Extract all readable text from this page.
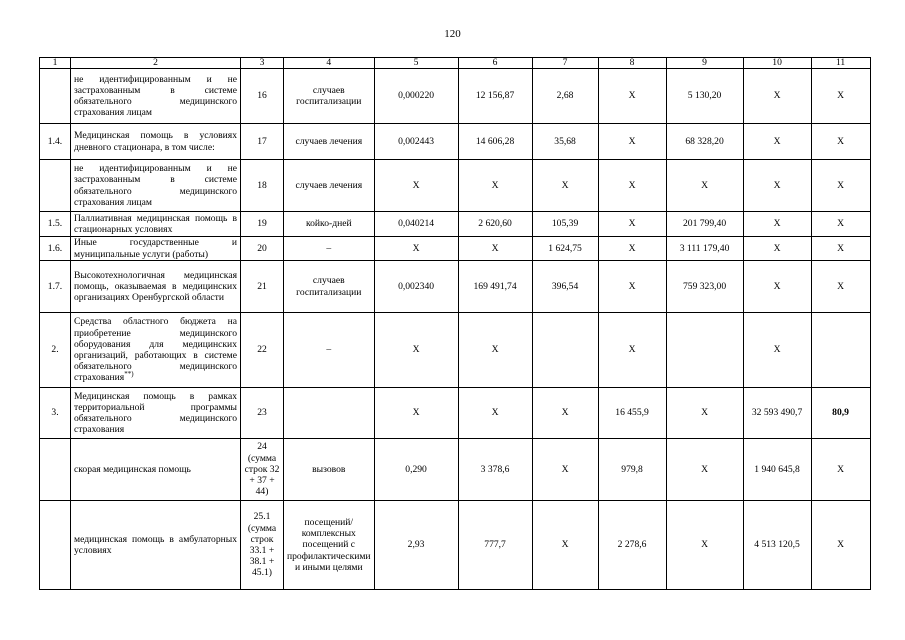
120
1	2	3	4	5	6	7	8	9	10	11
	не идентифицированным и не застрахованным в системе обязательного медицинского страхования лицам	16	случаев госпитализации	0,000220	12 156,87	2,68	X	5 130,20	X	X
1.4.	Медицинская помощь в условиях дневного стационара, в том числе:	17	случаев лечения	0,002443	14 606,28	35,68	X	68 328,20	X	X
	не идентифицированным и не застрахованным в системе обязательного медицинского страхования лицам	18	случаев лечения	X	X	X	X	X	X	X
1.5.	Паллиативная медицинская помощь в стационарных условиях	19	койко-дней	0,040214	2 620,60	105,39	X	201 799,40	X	X
1.6.	Иные государственные и муниципальные услуги (работы)	20	–	X	X	1 624,75	X	3 111 179,40	X	X
1.7.	Высокотехнологичная медицинская помощь, оказываемая в медицинских организациях Оренбургской области	21	случаев госпитализации	0,002340	169 491,74	396,54	X	759 323,00	X	X
2.	Средства областного бюджета на приобретение медицинского оборудования для медицинских организаций, работающих в системе обязательного медицинского страхования**)	22	–	X	X		X		X	
3.	Медицинская помощь в рамках территориальной программы обязательного медицинского страхования	23		X	X	X	16 455,9	X	32 593 490,7	80,9
	скорая медицинская помощь	24 (сумма строк 32 + 37 + 44)	вызовов	0,290	3 378,6	X	979,8	X	1 940 645,8	X
	медицинская помощь в амбулаторных условиях	25.1 (сумма строк 33.1 + 38.1 + 45.1)	посещений/комплексных посещений с профилактическими и иными целями	2,93	777,7	X	2 278,6	X	4 513 120,5	X
